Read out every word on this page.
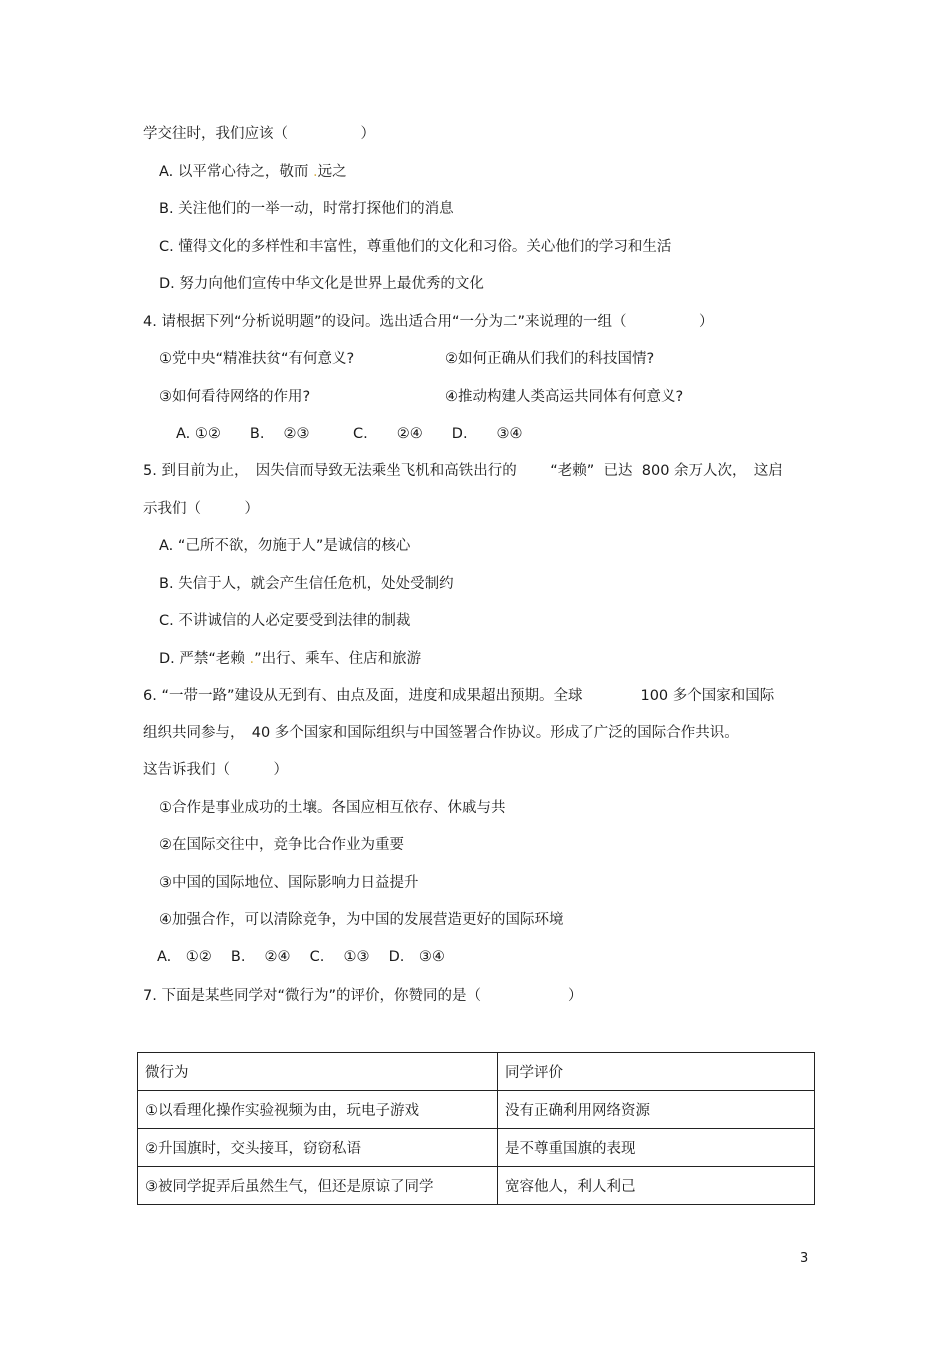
学交往时，我们应该（　　　　　）
A. 以平常心待之，敬而 .远之
B. 关注他们的一举一动，时常打探他们的消息
C. 懂得文化的多样性和丰富性，尊重他们的文化和习俗。关心他们的学习和生活
D. 努力向他们宣传中华文化是世界上最优秀的文化
4. 请根据下列“分析说明题”的设问。选出适合用“一分为二”来说理的一组（　　　　　）
①党中央“精准扶贫“有何意义?	②如何正确从们我们的科技国情?
③如何看待网络的作用?	④推动构建人类高运共同体有何意义?
A. ①②　　B.　 ②③　　　C.　　②④　　D.　　③④
5. 到目前为止，　因失信而导致无法乘坐飞机和高铁出行的　　 “老赖”  已达  800 余万人次，　这启
示我们（　　　）
A. “己所不欲，勿施于人”是诚信的核心
B. 失信于人，就会产生信任危机，处处受制约
C. 不讲诚信的人必定要受到法律的制裁
D. 严禁“老赖 .”出行、乘车、住店和旅游
6. “一带一路”建设从无到有、由点及面，进度和成果超出预期。全球　　　　100 多个国家和国际
组织共同参与，　40 多个国家和国际组织与中国签署合作协议。形成了广泛的国际合作共识。
这告诉我们（　　　）
①合作是事业成功的土壤。各国应相互依存、休戚与共
②在国际交往中，竞争比合作业为重要
③中国的国际地位、国际影响力日益提升
④加强合作，可以清除竞争，为中国的发展营造更好的国际环境
A.　①②　 B.　 ②④　 C.　 ①③　 D.　③④
7. 下面是某些同学对“微行为”的评价，你赞同的是（　　　　　　）
微行为	同学评价
①以看理化操作实验视频为由，玩电子游戏	没有正确利用网络资源
②升国旗时，交头接耳，窃窃私语	是不尊重国旗的表现
③被同学捉弄后虽然生气，但还是原谅了同学	宽容他人，利人利己
3
